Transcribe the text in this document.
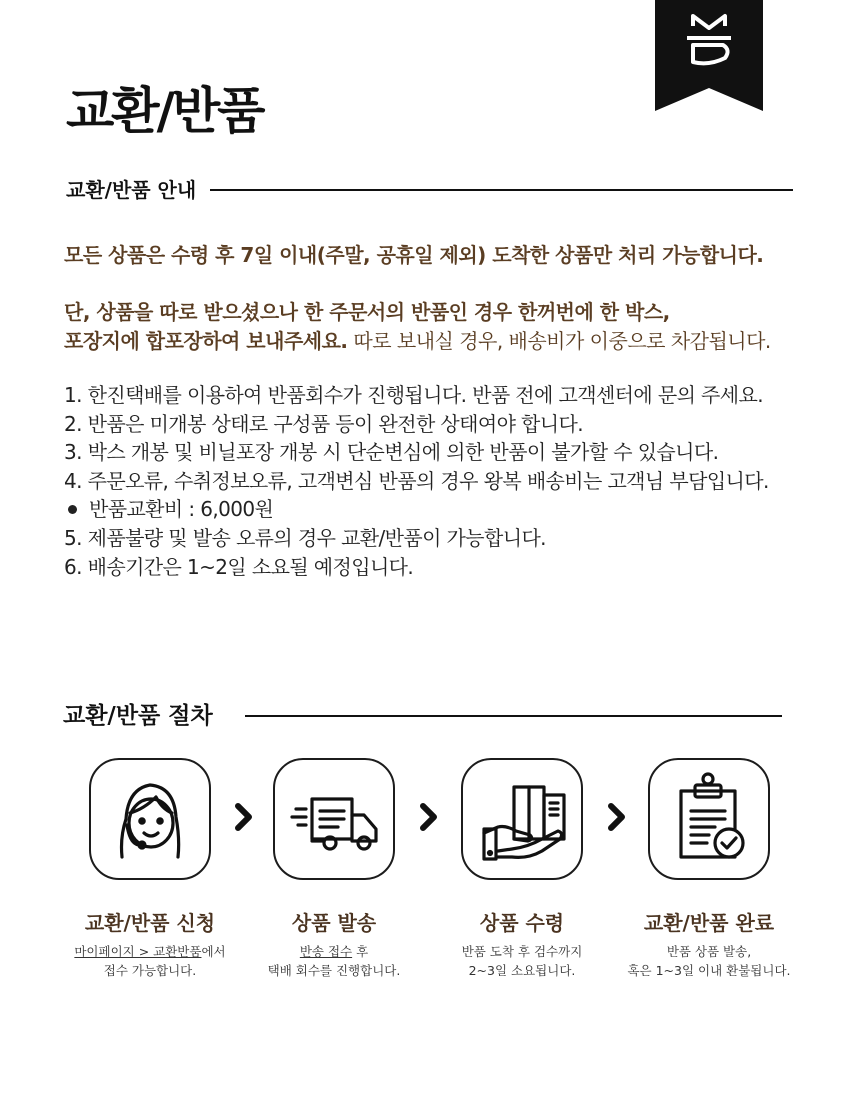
교환/반품
교환/반품 안내
모든 상품은 수령 후 7일 이내(주말, 공휴일 제외) 도착한 상품만 처리 가능합니다.
단, 상품을 따로 받으셨으나 한 주문서의 반품인 경우 한꺼번에 한 박스,
포장지에 합포장하여 보내주세요. 따로 보내실 경우, 배송비가 이중으로 차감됩니다.
1. 한진택배를 이용하여 반품회수가 진행됩니다. 반품 전에 고객센터에 문의 주세요.
2. 반품은 미개봉 상태로 구성품 등이 완전한 상태여야 합니다.
3. 박스 개봉 및 비닐포장 개봉 시 단순변심에 의한 반품이 불가할 수 있습니다.
4. 주문오류, 수취정보오류, 고객변심 반품의 경우 왕복 배송비는 고객님 부담입니다.
반품교환비 : 6,000원
5. 제품불량 및 발송 오류의 경우 교환/반품이 가능합니다.
6. 배송기간은 1~2일 소요될 예정입니다.
교환/반품 절차
교환/반품 신청
마이페이지 > 교환반품에서
접수 가능합니다.
상품 발송
반송 접수 후
택배 회수를 진행합니다.
상품 수령
반품 도착 후 검수까지
2~3일 소요됩니다.
교환/반품 완료
반품 상품 발송,
혹은 1~3일 이내 환불됩니다.
